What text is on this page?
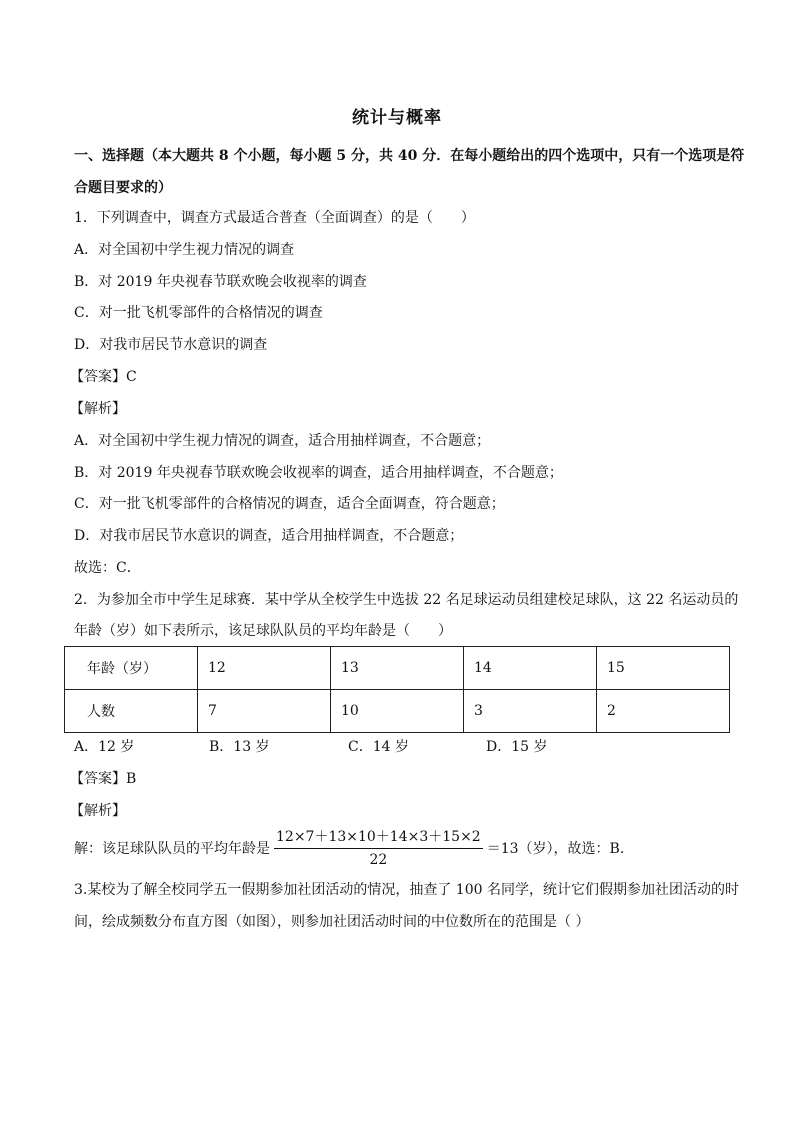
统计与概率
一、选择题（本大题共 8 个小题，每小题 5 分，共 40 分．在每小题给出的四个选项中，只有一个选项是符
合题目要求的）
1．下列调查中，调查方式最适合普查（全面调查）的是（　　）
A．对全国初中学生视力情况的调查
B．对 2019 年央视春节联欢晚会收视率的调查
C．对一批飞机零部件的合格情况的调查
D．对我市居民节水意识的调查
【答案】C
【解析】
A．对全国初中学生视力情况的调查，适合用抽样调查，不合题意；
B．对 2019 年央视春节联欢晚会收视率的调查，适合用抽样调查，不合题意；
C．对一批飞机零部件的合格情况的调查，适合全面调查，符合题意；
D．对我市居民节水意识的调查，适合用抽样调查，不合题意；
故选：C．
2．为参加全市中学生足球赛．某中学从全校学生中选拔 22 名足球运动员组建校足球队，这 22 名运动员的
年龄（岁）如下表所示，该足球队队员的平均年龄是（　　）
年龄（岁）	12	13	14	15
人数	7	10	3	2
A．12 岁	B．13 岁	C．14 岁	D．15 岁
【答案】B
【解析】
解：该足球队队员的平均年龄是 $\frac{12\times 7+13\times 10+14\times 3+15\times 2}{22} =13$（岁），故选：B．
3.某校为了解全校同学五一假期参加社团活动的情况，抽查了 100 名同学，统计它们假期参加社团活动的时
间，绘成频数分布直方图（如图），则参加社团活动时间的中位数所在的范围是（ ）
